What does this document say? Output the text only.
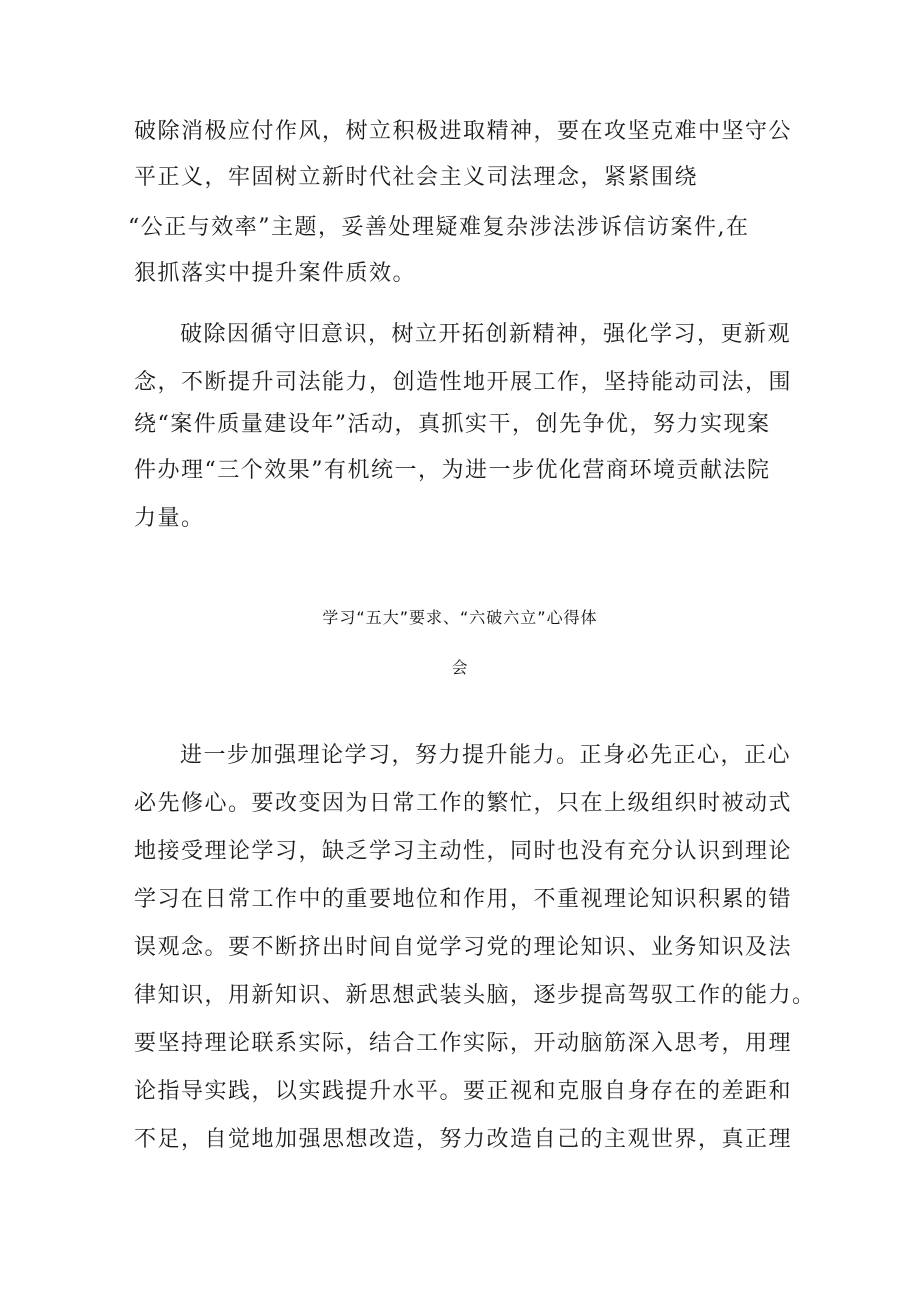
破除消极应付作风，树立积极进取精神，要在攻坚克难中坚守公
平正义，牢固树立新时代社会主义司法理念，紧紧围绕
“公正与效率”主题，妥善处理疑难复杂涉法涉诉信访案件,在
狠抓落实中提升案件质效。
破除因循守旧意识，树立开拓创新精神，强化学习，更新观
念，不断提升司法能力，创造性地开展工作，坚持能动司法，围
绕“案件质量建设年”活动，真抓实干，创先争优，努力实现案
件办理“三个效果”有机统一，为进一步优化营商环境贡献法院
力量。
学习“五大”要求、“六破六立”心得体
会
进一步加强理论学习，努力提升能力。正身必先正心，正心
必先修心。要改变因为日常工作的繁忙，只在上级组织时被动式
地接受理论学习，缺乏学习主动性，同时也没有充分认识到理论
学习在日常工作中的重要地位和作用，不重视理论知识积累的错
误观念。要不断挤出时间自觉学习党的理论知识、业务知识及法
律知识，用新知识、新思想武装头脑，逐步提高驾驭工作的能力。
要坚持理论联系实际，结合工作实际，开动脑筋深入思考，用理
论指导实践，以实践提升水平。要正视和克服自身存在的差距和
不足，自觉地加强思想改造，努力改造自己的主观世界，真正理
